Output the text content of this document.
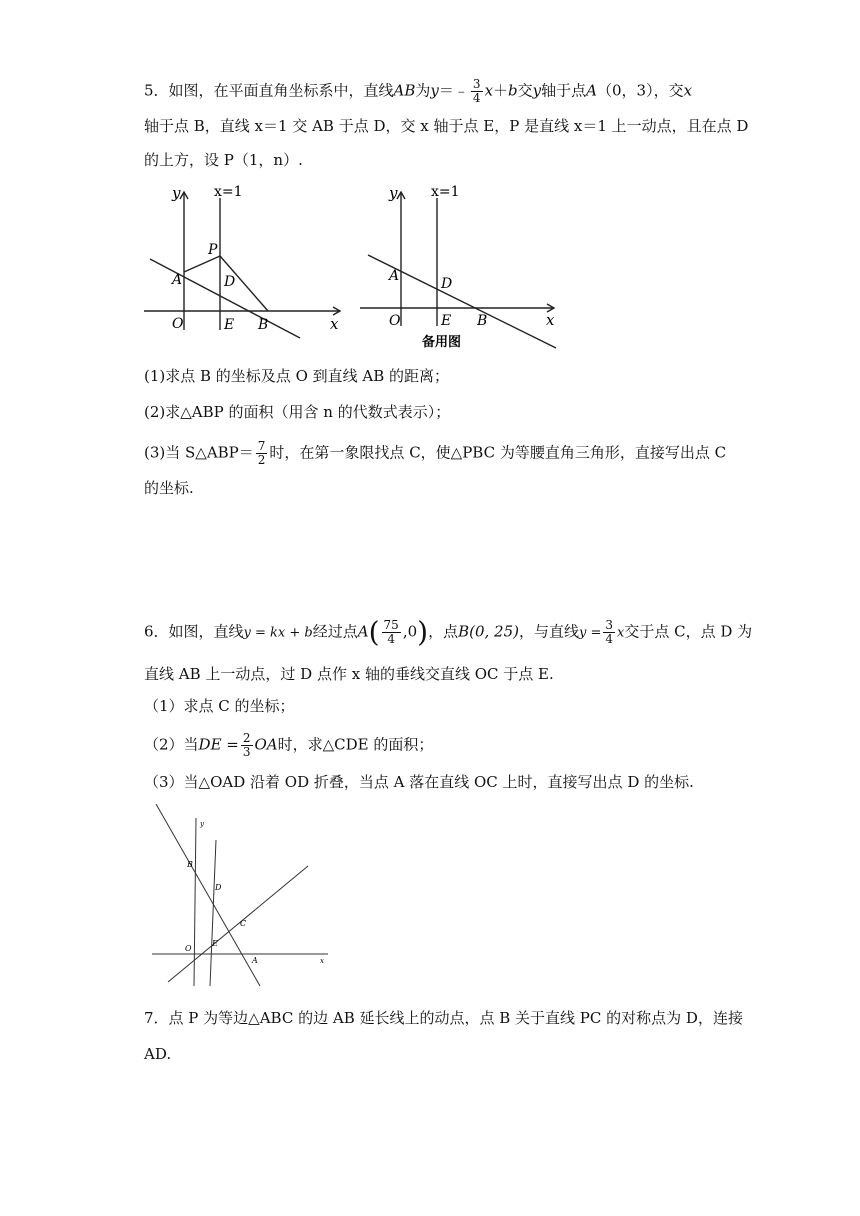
5．如图，在平面直角坐标系中，直线AB为y＝﹣ $\frac{3}{4} x+b$交y轴于点A（0，3），交x
轴于点 B，直线 x＝1 交 AB 于点 D，交 x 轴于点 E，P 是直线 x＝1 上一动点，且在点 D
的上方，设 P（1，n）.
y x=1
P
A	D
O	E B	x
y x=1
A	D
O	E B	x
备用图
(1)求点 B 的坐标及点 O 到直线 AB 的距离；
(2)求△ABP 的面积（用含 n 的代数式表示）；
(3)当 S△ABP＝ $\frac{7}{2}$ 时，在第一象限找点 C，使△PBC 为等腰直角三角形，直接写出点 C
的坐标.
6．如图，直线y = kx + b经过点$A( \frac{75}{4} ,0)$，点B(0, 25)，与直线$y = \frac{3}{4}$ x交于点 C，点 D 为
直线 AB 上一动点，过 D 点作 x 轴的垂线交直线 OC 于点 E.
（1）求点 C 的坐标；
（2）当DE = $\frac{2}{3}$ OA时，求△CDE 的面积；
（3）当△OAD 沿着 OD 折叠，当点 A 落在直线 OC 上时，直接写出点 D 的坐标.
y
B
D
C
O
E
A	x
7．点 P 为等边△ABC 的边 AB 延长线上的动点，点 B 关于直线 PC 的对称点为 D，连接
AD.
